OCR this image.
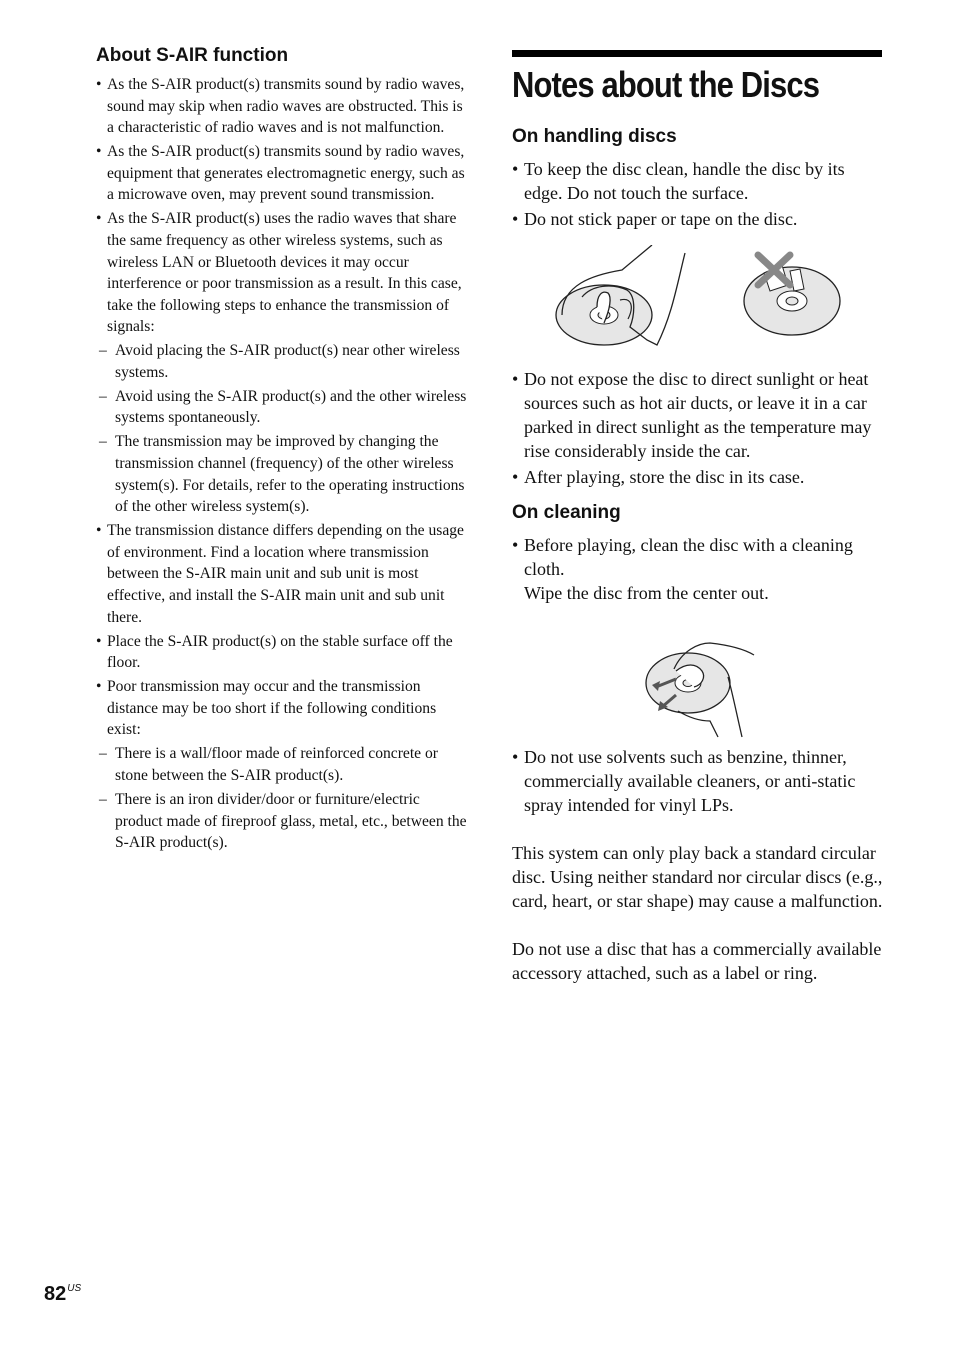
About S-AIR function
• As the S-AIR product(s) transmits sound by radio waves, sound may skip when radio waves are obstructed. This is a characteristic of radio waves and is not malfunction.
• As the S-AIR product(s) transmits sound by radio waves, equipment that generates electromagnetic energy, such as a microwave oven, may prevent sound transmission.
• As the S-AIR product(s) uses the radio waves that share the same frequency as other wireless systems, such as wireless LAN or Bluetooth devices it may occur interference or poor transmission as a result. In this case, take the following steps to enhance the transmission of signals:
– Avoid placing the S-AIR product(s) near other wireless systems.
– Avoid using the S-AIR product(s) and the other wireless systems spontaneously.
– The transmission may be improved by changing the transmission channel (frequency) of the other wireless system(s). For details, refer to the operating instructions of the other wireless system(s).
• The transmission distance differs depending on the usage of environment. Find a location where transmission between the S-AIR main unit and sub unit is most effective, and install the S-AIR main unit and sub unit there.
• Place the S-AIR product(s) on the stable surface off the floor.
• Poor transmission may occur and the transmission distance may be too short if the following conditions exist:
– There is a wall/floor made of reinforced concrete or stone between the S-AIR product(s).
– There is an iron divider/door or furniture/electric product made of fireproof glass, metal, etc., between the S-AIR product(s).
Notes about the Discs
On handling discs
• To keep the disc clean, handle the disc by its edge. Do not touch the surface.
• Do not stick paper or tape on the disc.
• Do not expose the disc to direct sunlight or heat sources such as hot air ducts, or leave it in a car parked in direct sunlight as the temperature may rise considerably inside the car.
• After playing, store the disc in its case.
On cleaning
• Before playing, clean the disc with a cleaning cloth.
Wipe the disc from the center out.
• Do not use solvents such as benzine, thinner, commercially available cleaners, or anti-static spray intended for vinyl LPs.

This system can only play back a standard circular disc. Using neither standard nor circular discs (e.g., card, heart, or star shape) may cause a malfunction.

Do not use a disc that has a commercially available accessory attached, such as a label or ring.

$82^{US}$
